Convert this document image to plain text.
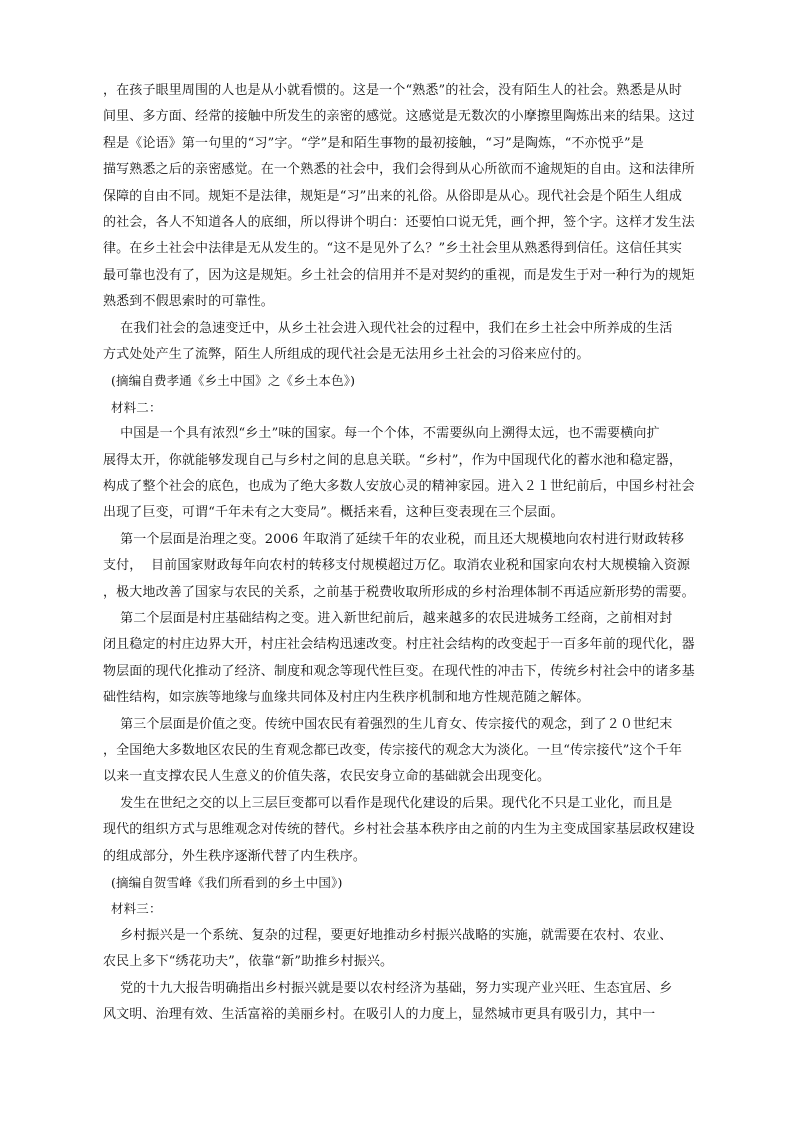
，在孩子眼里周围的人也是从小就看惯的。这是一个“熟悉”的社会，没有陌生人的社会。熟悉是从时
间里、多方面、经常的接触中所发生的亲密的感觉。这感觉是无数次的小摩擦里陶炼出来的结果。这过
程是《论语》第一句里的“习”字。“学”是和陌生事物的最初接触，“习”是陶炼，“不亦悦乎”是
描写熟悉之后的亲密感觉。在一个熟悉的社会中，我们会得到从心所欲而不逾规矩的自由。这和法律所
保障的自由不同。规矩不是法律，规矩是“习”出来的礼俗。从俗即是从心。现代社会是个陌生人组成
的社会，各人不知道各人的底细，所以得讲个明白：还要怕口说无凭，画个押，签个字。这样才发生法
律。在乡土社会中法律是无从发生的。“这不是见外了么？”乡土社会里从熟悉得到信任。这信任其实
最可靠也没有了，因为这是规矩。乡土社会的信用并不是对契约的重视，而是发生于对一种行为的规矩
熟悉到不假思索时的可靠性。
在我们社会的急速变迁中，从乡土社会进入现代社会的过程中，我们在乡土社会中所养成的生活
方式处处产生了流弊，陌生人所组成的现代社会是无法用乡土社会的习俗来应付的。
(摘编自费孝通《乡土中国》之《乡土本色》)
材料二：
中国是一个具有浓烈“乡土”味的国家。每一个个体，不需要纵向上溯得太远，也不需要横向扩
展得太开，你就能够发现自己与乡村之间的息息关联。“乡村”，作为中国现代化的蓄水池和稳定器，
构成了整个社会的底色，也成为了绝大多数人安放心灵的精神家园。进入２１世纪前后，中国乡村社会
出现了巨变，可谓“千年未有之大变局”。概括来看，这种巨变表现在三个层面。
第一个层面是治理之变。2006 年取消了延续千年的农业税，而且还大规模地向农村进行财政转移
支付，  目前国家财政每年向农村的转移支付规模超过万亿。取消农业税和国家向农村大规模输入资源
，极大地改善了国家与农民的关系，之前基于税费收取所形成的乡村治理体制不再适应新形势的需要。
第二个层面是村庄基础结构之变。进入新世纪前后，越来越多的农民进城务工经商，之前相对封
闭且稳定的村庄边界大开，村庄社会结构迅速改变。村庄社会结构的改变起于一百多年前的现代化，器
物层面的现代化推动了经济、制度和观念等现代性巨变。在现代性的冲击下，传统乡村社会中的诸多基
础性结构，如宗族等地缘与血缘共同体及村庄内生秩序机制和地方性规范随之解体。
第三个层面是价值之变。传统中国农民有着强烈的生儿育女、传宗接代的观念，到了２０世纪末
，全国绝大多数地区农民的生育观念都已改变，传宗接代的观念大为淡化。一旦“传宗接代”这个千年
以来一直支撑农民人生意义的价值失落，农民安身立命的基础就会出现变化。
发生在世纪之交的以上三层巨变都可以看作是现代化建设的后果。现代化不只是工业化，而且是
现代的组织方式与思维观念对传统的替代。乡村社会基本秩序由之前的内生为主变成国家基层政权建设
的组成部分，外生秩序逐渐代替了内生秩序。
(摘编自贺雪峰《我们所看到的乡土中国》)
材料三：
乡村振兴是一个系统、复杂的过程，要更好地推动乡村振兴战略的实施，就需要在农村、农业、
农民上多下“绣花功夫”，依靠“新”助推乡村振兴。
党的十九大报告明确指出乡村振兴就是要以农村经济为基础，努力实现产业兴旺、生态宜居、乡
风文明、治理有效、生活富裕的美丽乡村。在吸引人的力度上，显然城市更具有吸引力，其中一
